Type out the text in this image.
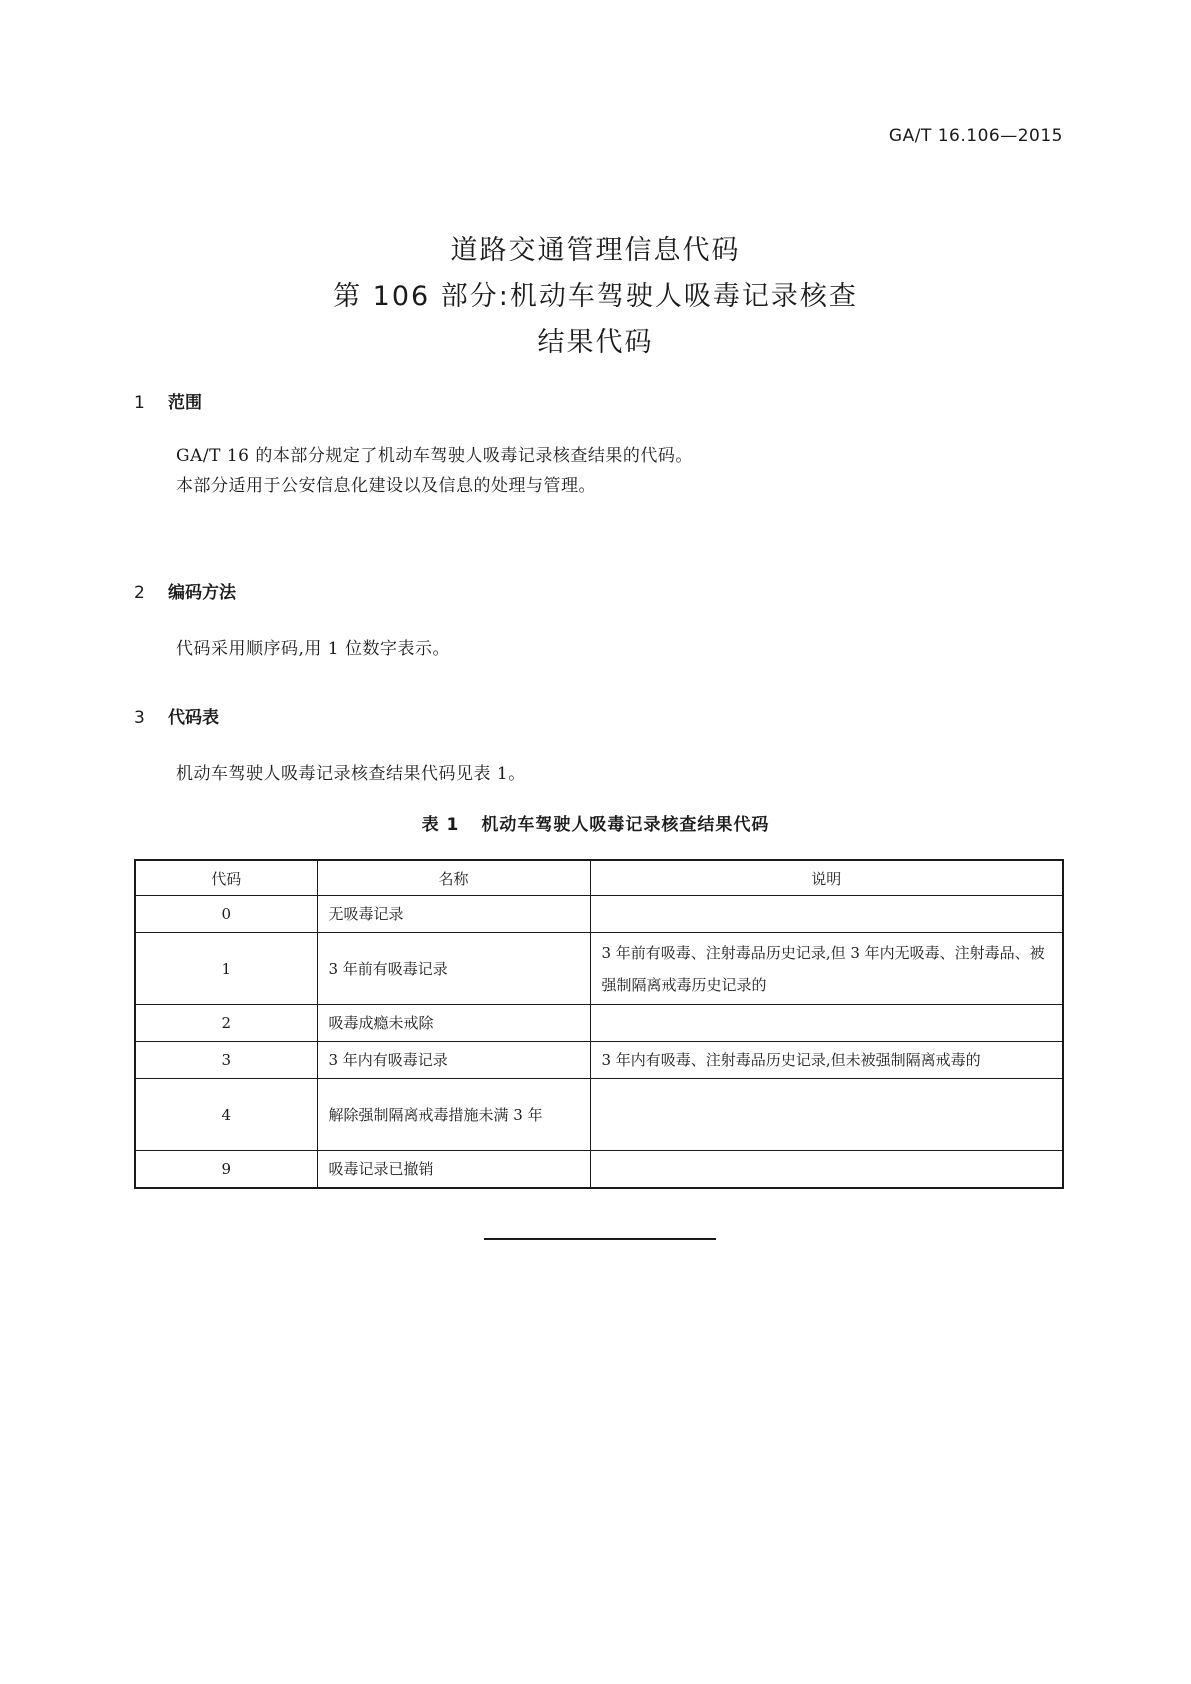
GA/T 16.106—2015
道路交通管理信息代码
第 106 部分:机动车驾驶人吸毒记录核查
结果代码
1 范围
GA/T 16 的本部分规定了机动车驾驶人吸毒记录核查结果的代码。
本部分适用于公安信息化建设以及信息的处理与管理。
2 编码方法
代码采用顺序码,用 1 位数字表示。
3 代码表
机动车驾驶人吸毒记录核查结果代码见表 1。
表 1 机动车驾驶人吸毒记录核查结果代码
代码	名称	说明
0	无吸毒记录	
1	3 年前有吸毒记录	3 年前有吸毒、注射毒品历史记录,但 3 年内无吸毒、注射毒品、被强制隔离戒毒历史记录的
2	吸毒成瘾未戒除	
3	3 年内有吸毒记录	3 年内有吸毒、注射毒品历史记录,但未被强制隔离戒毒的
4	解除强制隔离戒毒措施未满 3 年	
9	吸毒记录已撤销	
